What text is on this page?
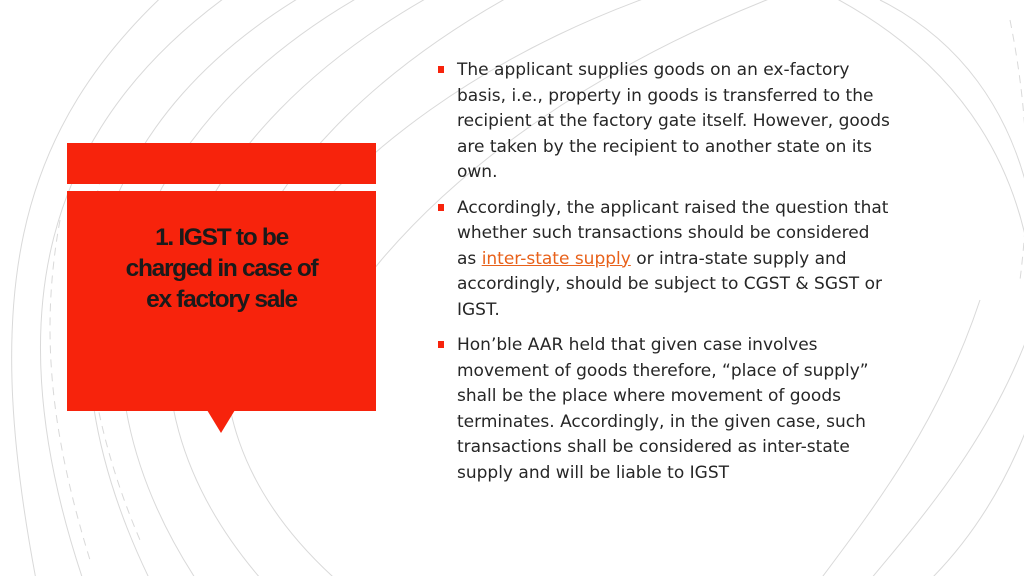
1. IGST to be
charged in case of
ex factory sale
The applicant supplies goods on an ex-factory
basis, i.e., property in goods is transferred to the
recipient at the factory gate itself. However, goods
are taken by the recipient to another state on its
own.
Accordingly, the applicant raised the question that
whether such transactions should be considered
as inter-state supply or intra-state supply and
accordingly, should be subject to CGST & SGST or
IGST.
Hon’ble AAR held that given case involves
movement of goods therefore, “place of supply”
shall be the place where movement of goods
terminates. Accordingly, in the given case, such
transactions shall be considered as inter-state
supply and will be liable to IGST
